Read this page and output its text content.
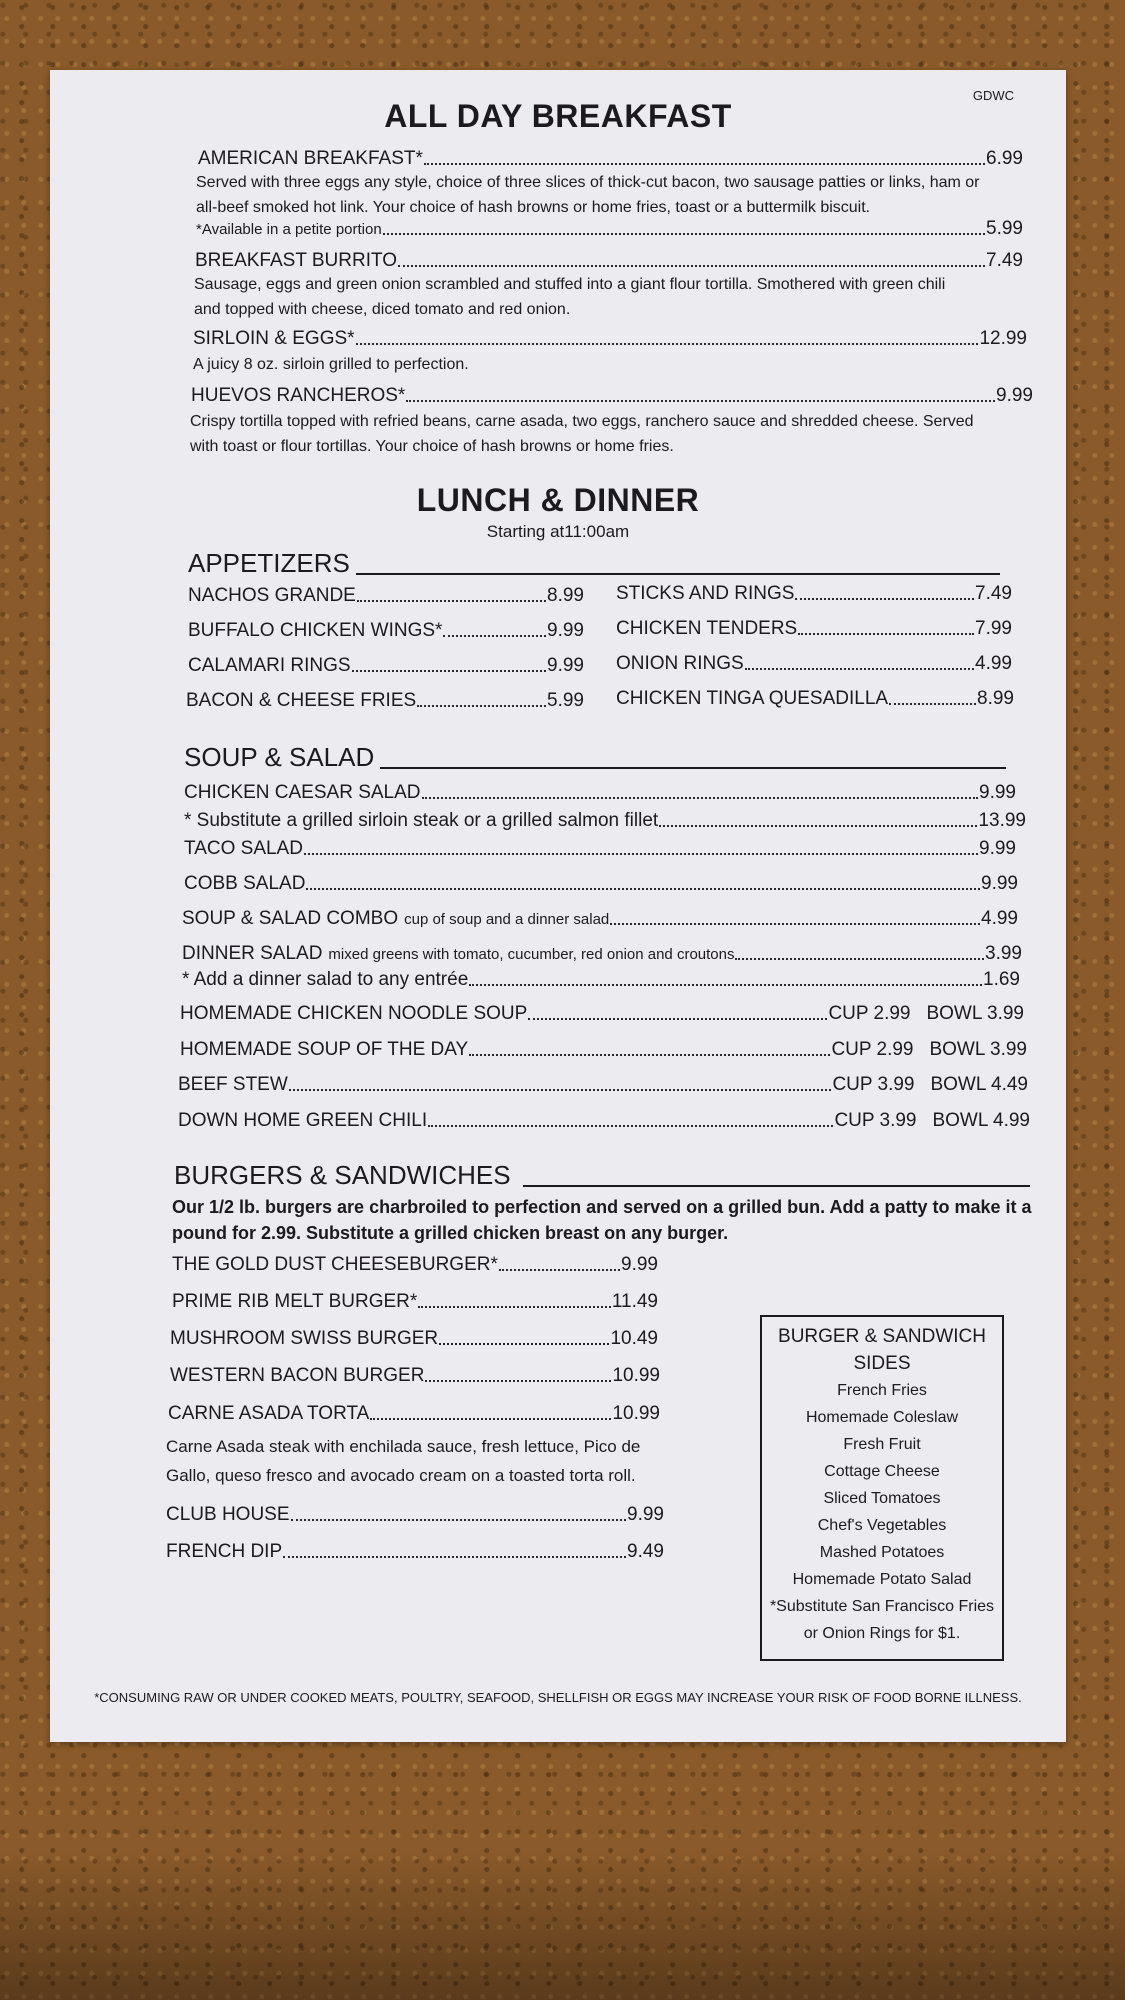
GDWC
ALL DAY BREAKFAST
AMERICAN BREAKFAST*	6.99
Served with three eggs any style, choice of three slices of thick-cut bacon, two sausage patties or links, ham or all-beef smoked hot link. Your choice of hash browns or home fries, toast or a buttermilk biscuit.
*Available in a petite portion	5.99
BREAKFAST BURRITO	7.49
Sausage, eggs and green onion scrambled and stuffed into a giant flour tortilla. Smothered with green chili and topped with cheese, diced tomato and red onion.
SIRLOIN & EGGS*	12.99
A juicy 8 oz. sirloin grilled to perfection.
HUEVOS RANCHEROS*	9.99
Crispy tortilla topped with refried beans, carne asada, two eggs, ranchero sauce and shredded cheese. Served with toast or flour tortillas. Your choice of hash browns or home fries.
LUNCH & DINNER
Starting at11:00am
APPETIZERS
NACHOS GRANDE	8.99
BUFFALO CHICKEN WINGS*	9.99
CALAMARI RINGS	9.99
BACON & CHEESE FRIES	5.99
STICKS AND RINGS	7.49
CHICKEN TENDERS	7.99
ONION RINGS	4.99
CHICKEN TINGA QUESADILLA	8.99
SOUP & SALAD
CHICKEN CAESAR SALAD	9.99
* Substitute a grilled sirloin steak or a grilled salmon fillet	13.99
TACO SALAD	9.99
COBB SALAD	9.99
SOUP & SALAD COMBO cup of soup and a dinner salad	4.99
DINNER SALAD mixed greens with tomato, cucumber, red onion and croutons	3.99
* Add a dinner salad to any entrée	1.69
HOMEMADE CHICKEN NOODLE SOUP	CUP 2.99 BOWL 3.99
HOMEMADE SOUP OF THE DAY	CUP 2.99 BOWL 3.99
BEEF STEW	CUP 3.99 BOWL 4.49
DOWN HOME GREEN CHILI	CUP 3.99 BOWL 4.99
BURGERS & SANDWICHES
Our 1/2 lb. burgers are charbroiled to perfection and served on a grilled bun. Add a patty to make it a pound for 2.99. Substitute a grilled chicken breast on any burger.
THE GOLD DUST CHEESEBURGER*	9.99
PRIME RIB MELT BURGER*	11.49
MUSHROOM SWISS BURGER	10.49
WESTERN BACON BURGER	10.99
CARNE ASADA TORTA	10.99
Carne Asada steak with enchilada sauce, fresh lettuce, Pico de Gallo, queso fresco and avocado cream on a toasted torta roll.
CLUB HOUSE	9.99
FRENCH DIP	9.49
BURGER & SANDWICH
SIDES
French Fries
Homemade Coleslaw
Fresh Fruit
Cottage Cheese
Sliced Tomatoes
Chef's Vegetables
Mashed Potatoes
Homemade Potato Salad
*Substitute San Francisco Fries
or Onion Rings for $1.
*CONSUMING RAW OR UNDER COOKED MEATS, POULTRY, SEAFOOD, SHELLFISH OR EGGS MAY INCREASE YOUR RISK OF FOOD BORNE ILLNESS.
